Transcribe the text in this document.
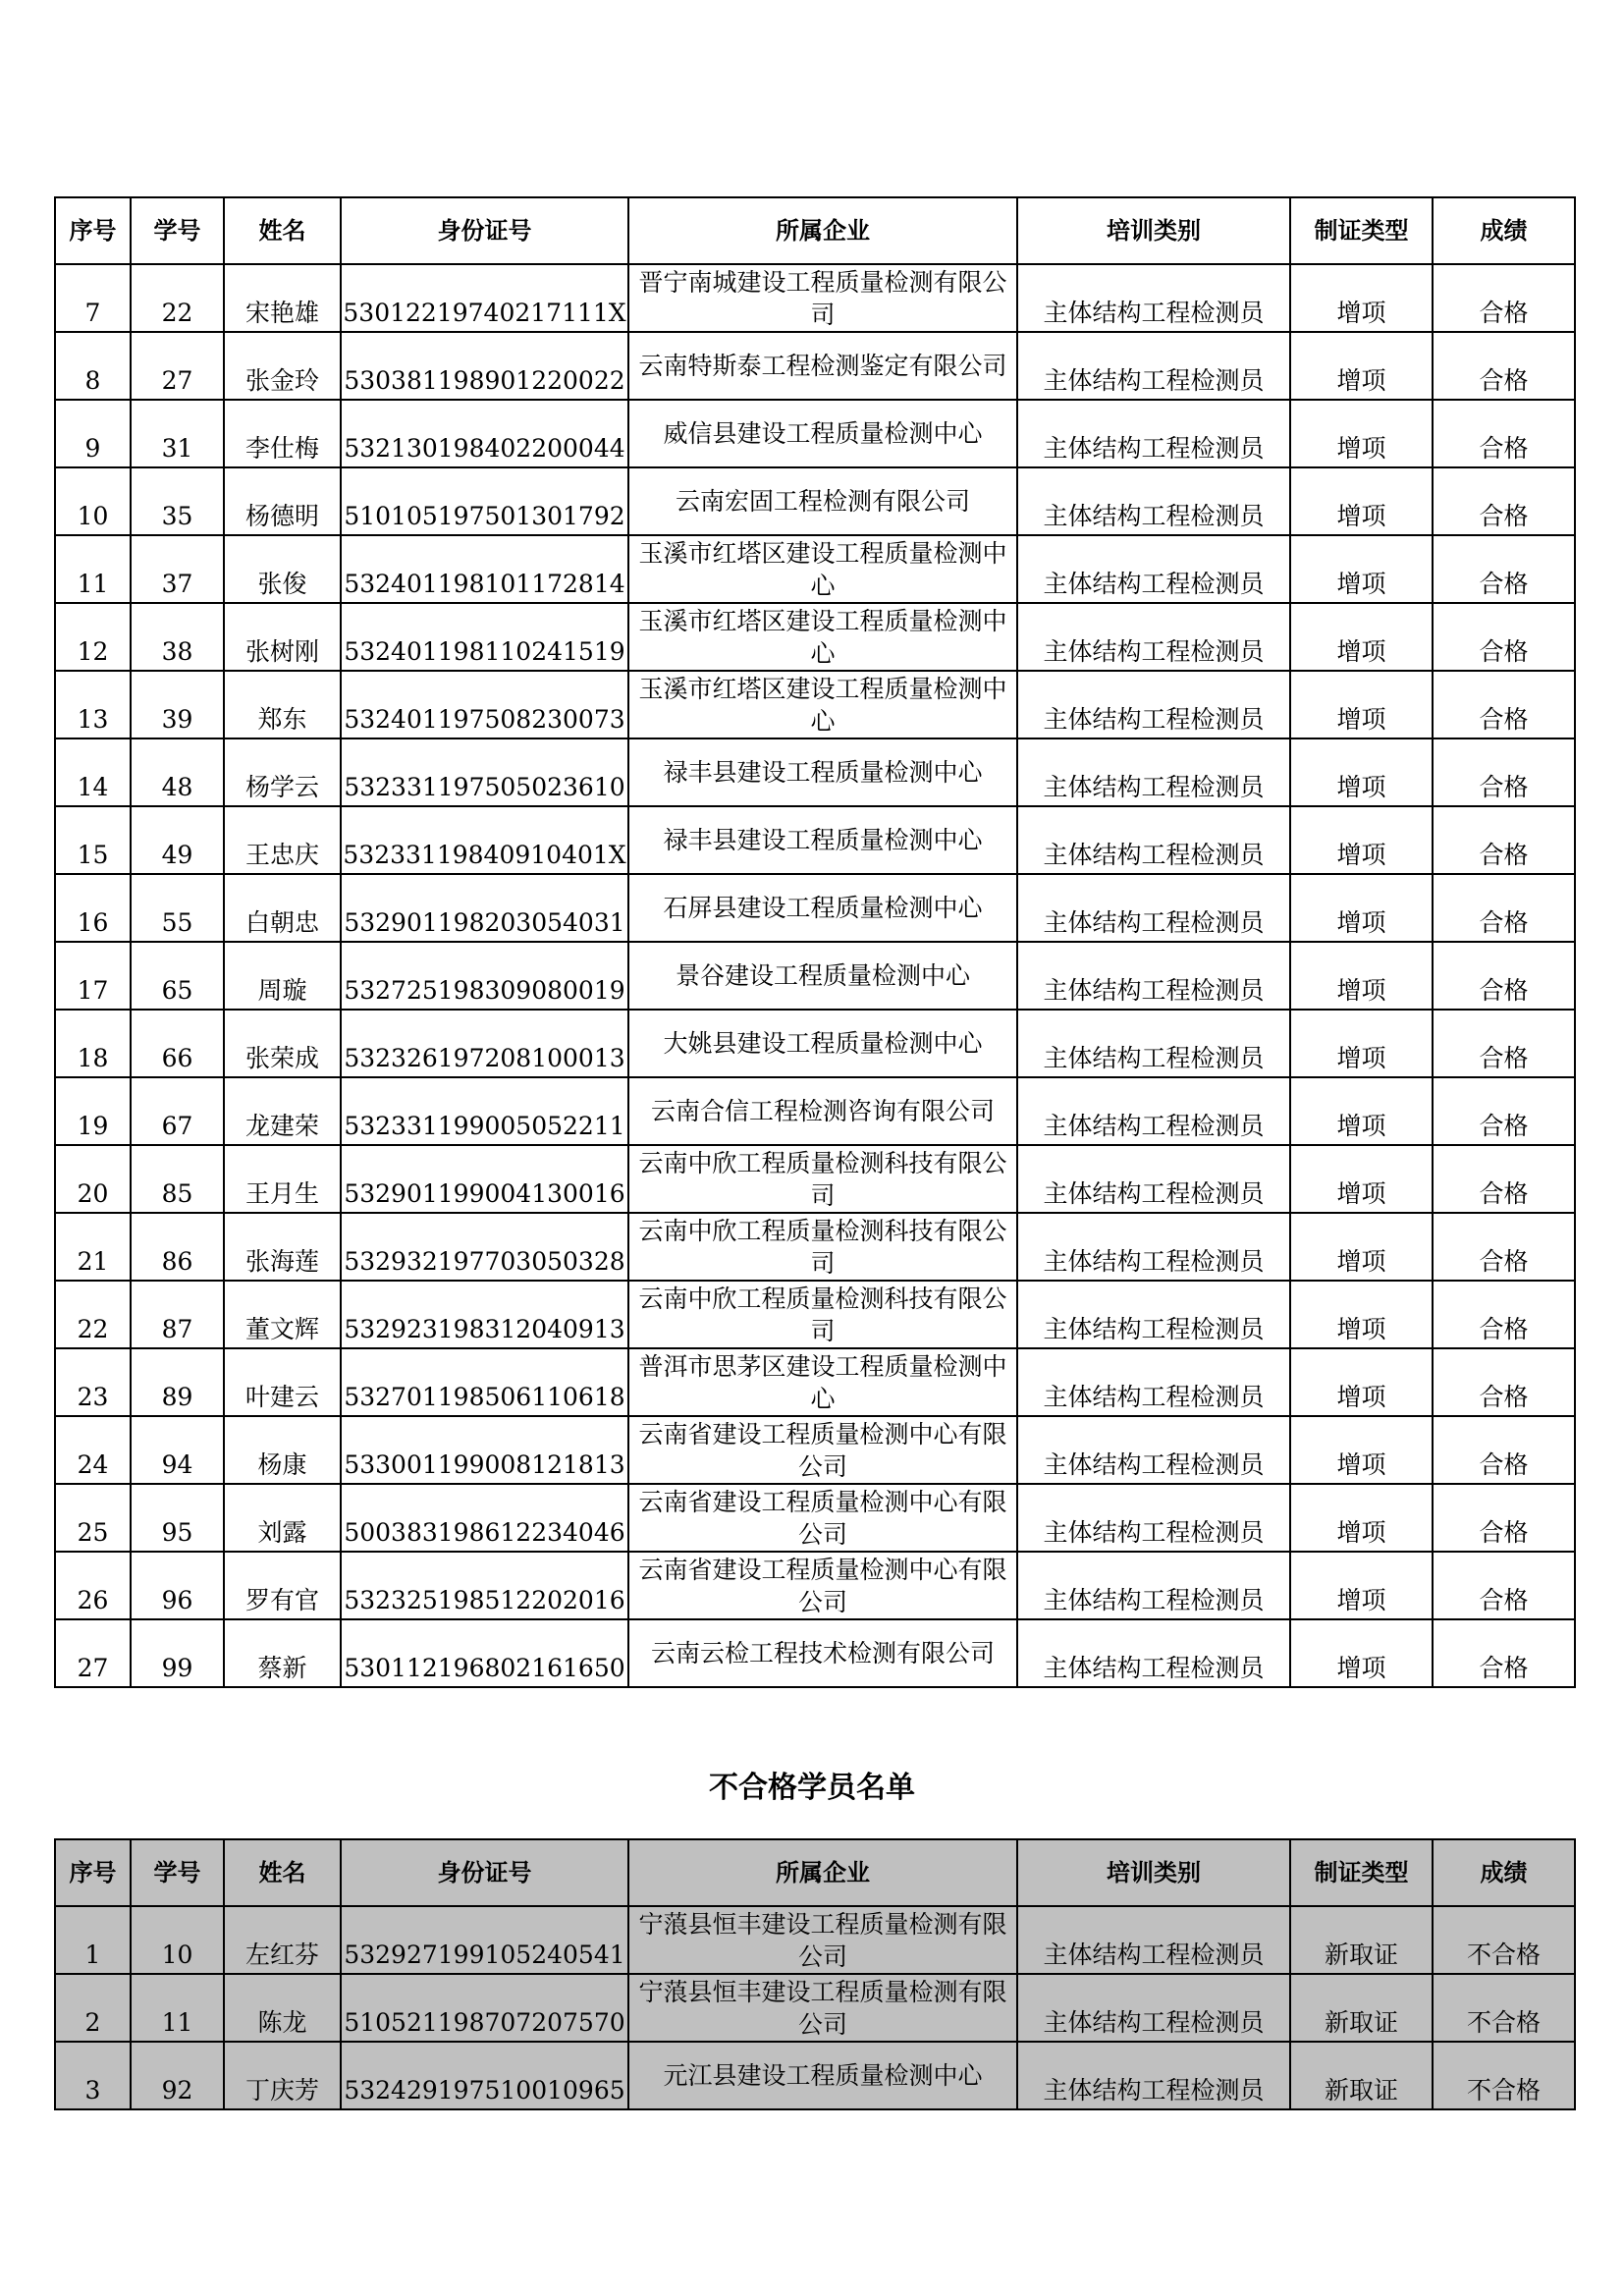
序号	学号	姓名	身份证号	所属企业	培训类别	制证类型	成绩
7	22	宋艳雄	53012219740217111X	晋宁南城建设工程质量检测有限公司	主体结构工程检测员	增项	合格
8	27	张金玲	530381198901220022	云南特斯泰工程检测鉴定有限公司	主体结构工程检测员	增项	合格
9	31	李仕梅	532130198402200044	威信县建设工程质量检测中心	主体结构工程检测员	增项	合格
10	35	杨德明	510105197501301792	云南宏固工程检测有限公司	主体结构工程检测员	增项	合格
11	37	张俊	532401198101172814	玉溪市红塔区建设工程质量检测中心	主体结构工程检测员	增项	合格
12	38	张树刚	532401198110241519	玉溪市红塔区建设工程质量检测中心	主体结构工程检测员	增项	合格
13	39	郑东	532401197508230073	玉溪市红塔区建设工程质量检测中心	主体结构工程检测员	增项	合格
14	48	杨学云	532331197505023610	禄丰县建设工程质量检测中心	主体结构工程检测员	增项	合格
15	49	王忠庆	53233119840910401X	禄丰县建设工程质量检测中心	主体结构工程检测员	增项	合格
16	55	白朝忠	532901198203054031	石屏县建设工程质量检测中心	主体结构工程检测员	增项	合格
17	65	周璇	532725198309080019	景谷建设工程质量检测中心	主体结构工程检测员	增项	合格
18	66	张荣成	532326197208100013	大姚县建设工程质量检测中心	主体结构工程检测员	增项	合格
19	67	龙建荣	532331199005052211	云南合信工程检测咨询有限公司	主体结构工程检测员	增项	合格
20	85	王月生	532901199004130016	云南中欣工程质量检测科技有限公司	主体结构工程检测员	增项	合格
21	86	张海莲	532932197703050328	云南中欣工程质量检测科技有限公司	主体结构工程检测员	增项	合格
22	87	董文辉	532923198312040913	云南中欣工程质量检测科技有限公司	主体结构工程检测员	增项	合格
23	89	叶建云	532701198506110618	普洱市思茅区建设工程质量检测中心	主体结构工程检测员	增项	合格
24	94	杨康	533001199008121813	云南省建设工程质量检测中心有限公司	主体结构工程检测员	增项	合格
25	95	刘露	500383198612234046	云南省建设工程质量检测中心有限公司	主体结构工程检测员	增项	合格
26	96	罗有官	532325198512202016	云南省建设工程质量检测中心有限公司	主体结构工程检测员	增项	合格
27	99	蔡新	530112196802161650	云南云检工程技术检测有限公司	主体结构工程检测员	增项	合格
不合格学员名单
序号	学号	姓名	身份证号	所属企业	培训类别	制证类型	成绩
1	10	左红芬	532927199105240541	宁蒗县恒丰建设工程质量检测有限公司	主体结构工程检测员	新取证	不合格
2	11	陈龙	510521198707207570	宁蒗县恒丰建设工程质量检测有限公司	主体结构工程检测员	新取证	不合格
3	92	丁庆芳	532429197510010965	元江县建设工程质量检测中心	主体结构工程检测员	新取证	不合格
